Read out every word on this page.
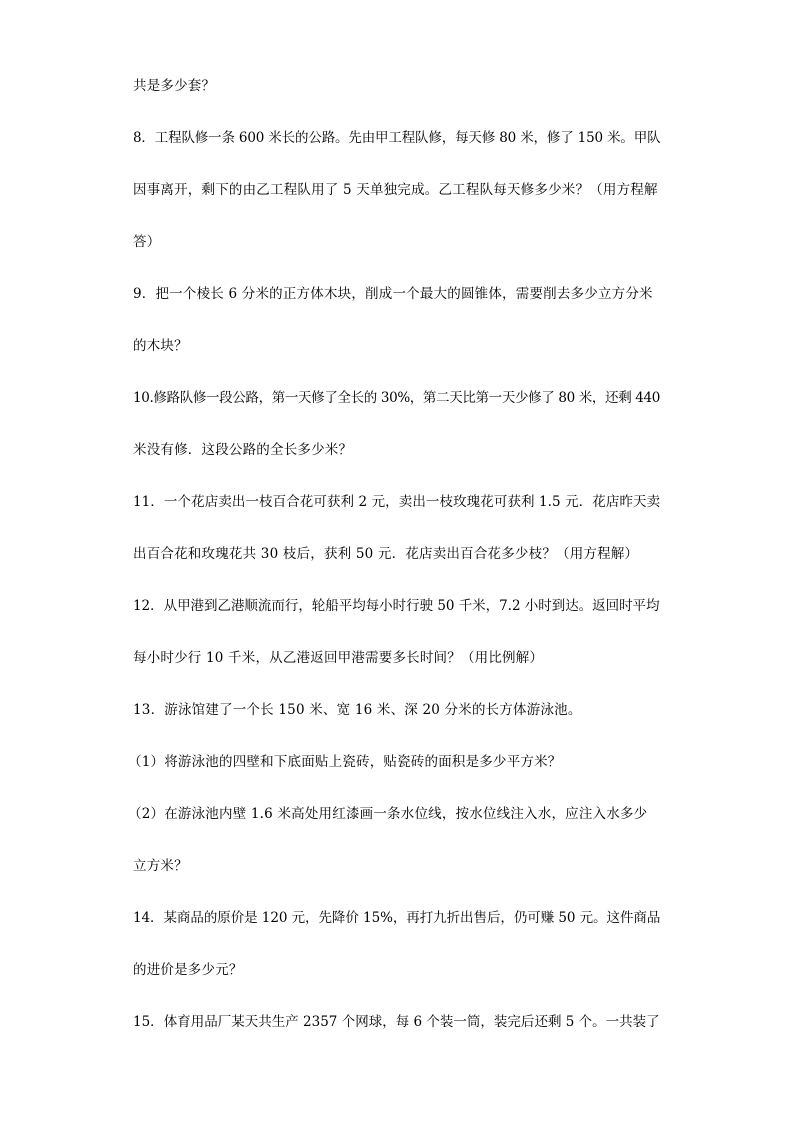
共是多少套？
8．工程队修一条 600 米长的公路。先由甲工程队修，每天修 80 米，修了 150 米。甲队
因事离开，剩下的由乙工程队用了 5 天单独完成。乙工程队每天修多少米？（用方程解
答）
9．把一个棱长 6 分米的正方体木块，削成一个最大的圆锥体，需要削去多少立方分米
的木块？
10.修路队修一段公路，第一天修了全长的 30%，第二天比第一天少修了 80 米，还剩 440
米没有修．这段公路的全长多少米？
11．一个花店卖出一枝百合花可获利 2 元，卖出一枝玫瑰花可获利 1.5 元．花店昨天卖
出百合花和玫瑰花共 30 枝后，获利 50 元．花店卖出百合花多少枝？（用方程解）
12．从甲港到乙港顺流而行，轮船平均每小时行驶 50 千米，7.2 小时到达。返回时平均
每小时少行 10 千米，从乙港返回甲港需要多长时间？（用比例解）
13．游泳馆建了一个长 150 米、宽 16 米、深 20 分米的长方体游泳池。
（1）将游泳池的四壁和下底面贴上瓷砖，贴瓷砖的面积是多少平方米？
（2）在游泳池内壁 1.6 米高处用红漆画一条水位线，按水位线注入水，应注入水多少
立方米？
14．某商品的原价是 120 元，先降价 15%，再打九折出售后，仍可赚 50 元。这件商品
的进价是多少元？
15．体育用品厂某天共生产 2357 个网球，每 6 个装一筒，装完后还剩 5 个。一共装了
